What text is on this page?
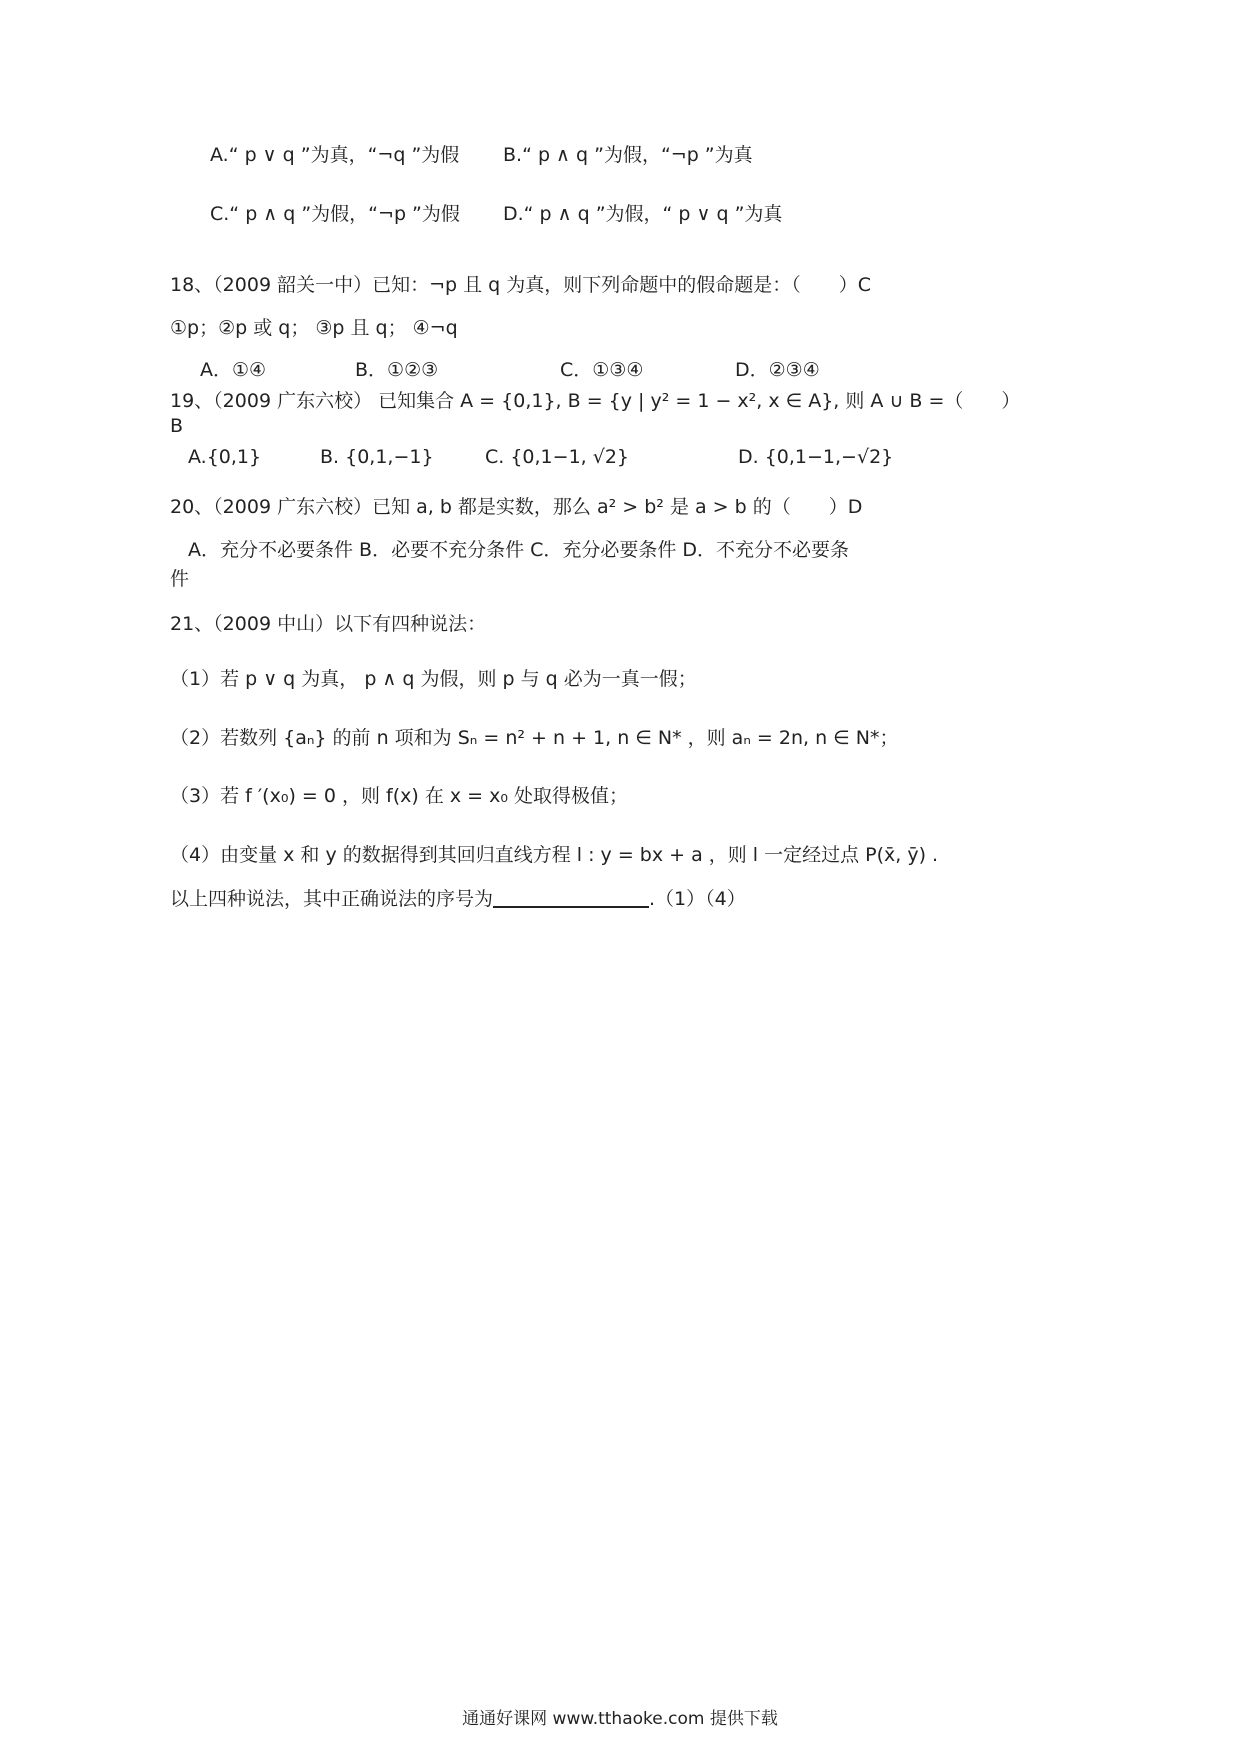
A.“ p ∨ q ”为真，“¬q ”为假 B.“ p ∧ q ”为假，“¬p ”为真
C.“ p ∧ q ”为假，“¬p ”为假 D.“ p ∧ q ”为假，“ p ∨ q ”为真
18、（2009 韶关一中）已知：¬p 且 q 为真，则下列命题中的假命题是：（　　）C
①p；②p 或 q； ③p 且 q； ④¬q
A．①④	B．①②③	C．①③④	D．②③④
19、（2009 广东六校） 已知集合 A = {0,1}, B = {y | y² = 1 − x², x ∈ A}, 则 A ∪ B =（　　）
B
A.{0,1}	B. {0,1,−1}	C. {0,1−1, √2}	D. {0,1−1,−√2}
20、（2009 广东六校）已知 a, b 都是实数，那么 a² > b² 是 a > b 的（　　）D
A．充分不必要条件 B．必要不充分条件 C．充分必要条件 D．不充分不必要条
件
21、（2009 中山）以下有四种说法：
（1）若 p ∨ q 为真， p ∧ q 为假，则 p 与 q 必为一真一假；
（2）若数列 {aₙ} 的前 n 项和为 Sₙ = n² + n + 1, n ∈ N* ，则 aₙ = 2n, n ∈ N*；
（3）若 f ′(x₀) = 0 ，则 f(x) 在 x = x₀ 处取得极值；
（4）由变量 x 和 y 的数据得到其回归直线方程 l : y = bx + a ，则 l 一定经过点 P(x̄, ȳ) .
以上四种说法，其中正确说法的序号为	.（1）（4）
通通好课网 www.tthaoke.com 提供下载
